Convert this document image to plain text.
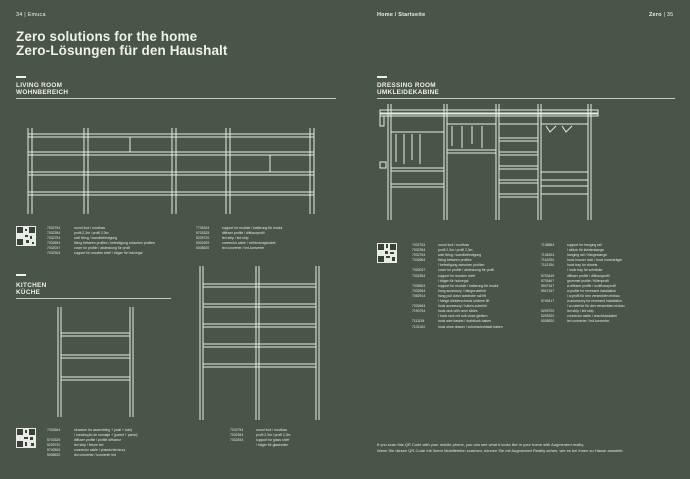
34 | Emuca
Zero solutions for the home
Zero-Lösungen für den Haushalt
Home / Startseite	Zero | 35
LIVING ROOM
WOHNBEREICH
7032754	round foot / rundfuss
7032354	profil 2,3m / profil 2,3m
7032754	wall fixing / wandbefestigung
7032654	fixing between profiles / befestigung zwischen profilen
7032037	cover for profile / abdeckung für profil
7032304	support for wooden shelf / träger für holzregal
7735154	support for module / halterung für modul
5703325	diffuser profile / diffusorprofil
5209720	led strip / led strip
5301909	connector cable / verbindungskabel
5008520	led converter / led-konverter
KITCHEN
KÜCHE
7032664	structure for assembling + (wall + wall)
/ construção de montaje + (pared + pared)
5703325	diffuser profile / profilé diffuseur
5209720	led strip / fixture led
5740503	connector cable / prawdo'dezizury
5008520	led converter / konverter led
7032754	round foot / rundfuss
7032354	profil 2,3m / profil 2,3m
7032454	support for glass shelf
/ träger für glasboden
DRESSING ROOM
UMKLEIDEKABINE
7032754	round foot / rundfuss
7032354	profil 2,3m / profil 2,3m
7032754	wall fixing / wandbefestigung
7032654	fixing between profiles
/ befestigung zwischen profilen
7032037	cover for profile / abdeckung für profil
7032354	support for wooden shelf
/ träger für holzregal
7035504	support for module / halterung für modul
7032654	hang accessory / hängezubehör
7082914	hang pull down wardrobe rail lift
/ hänge-kleiderschrank schiene lift
7032664	hook accessory / haken-zubehör
7190754	hook rack with omni slides
/ hook rack mit soft-close gleitern
7111154	hook wire basket / drahtkorb-haken
7101154	hook shoe drawer / schuhschublade-haken
7136854	support for hanging rail
/ stütze für kleiderstange
7138154	hanging rail / hängestange
7110254	hook trouser rack / hook hosenträger
7112154	hook tray for closets
/ hook tray für schränke
5703445	diffuser profile / diffusorprofil
5703467	grommet profile / tüllenprofil
5947167	w.diffuser profile / w.diffusorprofil
5947167	w.profile for recessed installation
/ w.profil für den versenkten einbau
5749417	w.accessory for recessed installation
/ w.zubehör für den versenkten einbau
5209720	led strip / led strip
5209320	connector cable / anschlusskabel
5008520	led converter / led-konverter
If you scan this QR Code with your mobile phone, you can see what it looks like in your home with Augmented reality.
Wenn Sie diesen QR-Code mit Ihrem Mobiltelefon scannen, können Sie mit Augmented Reality sehen, wie es bei Ihnen zu Hause aussieht.
